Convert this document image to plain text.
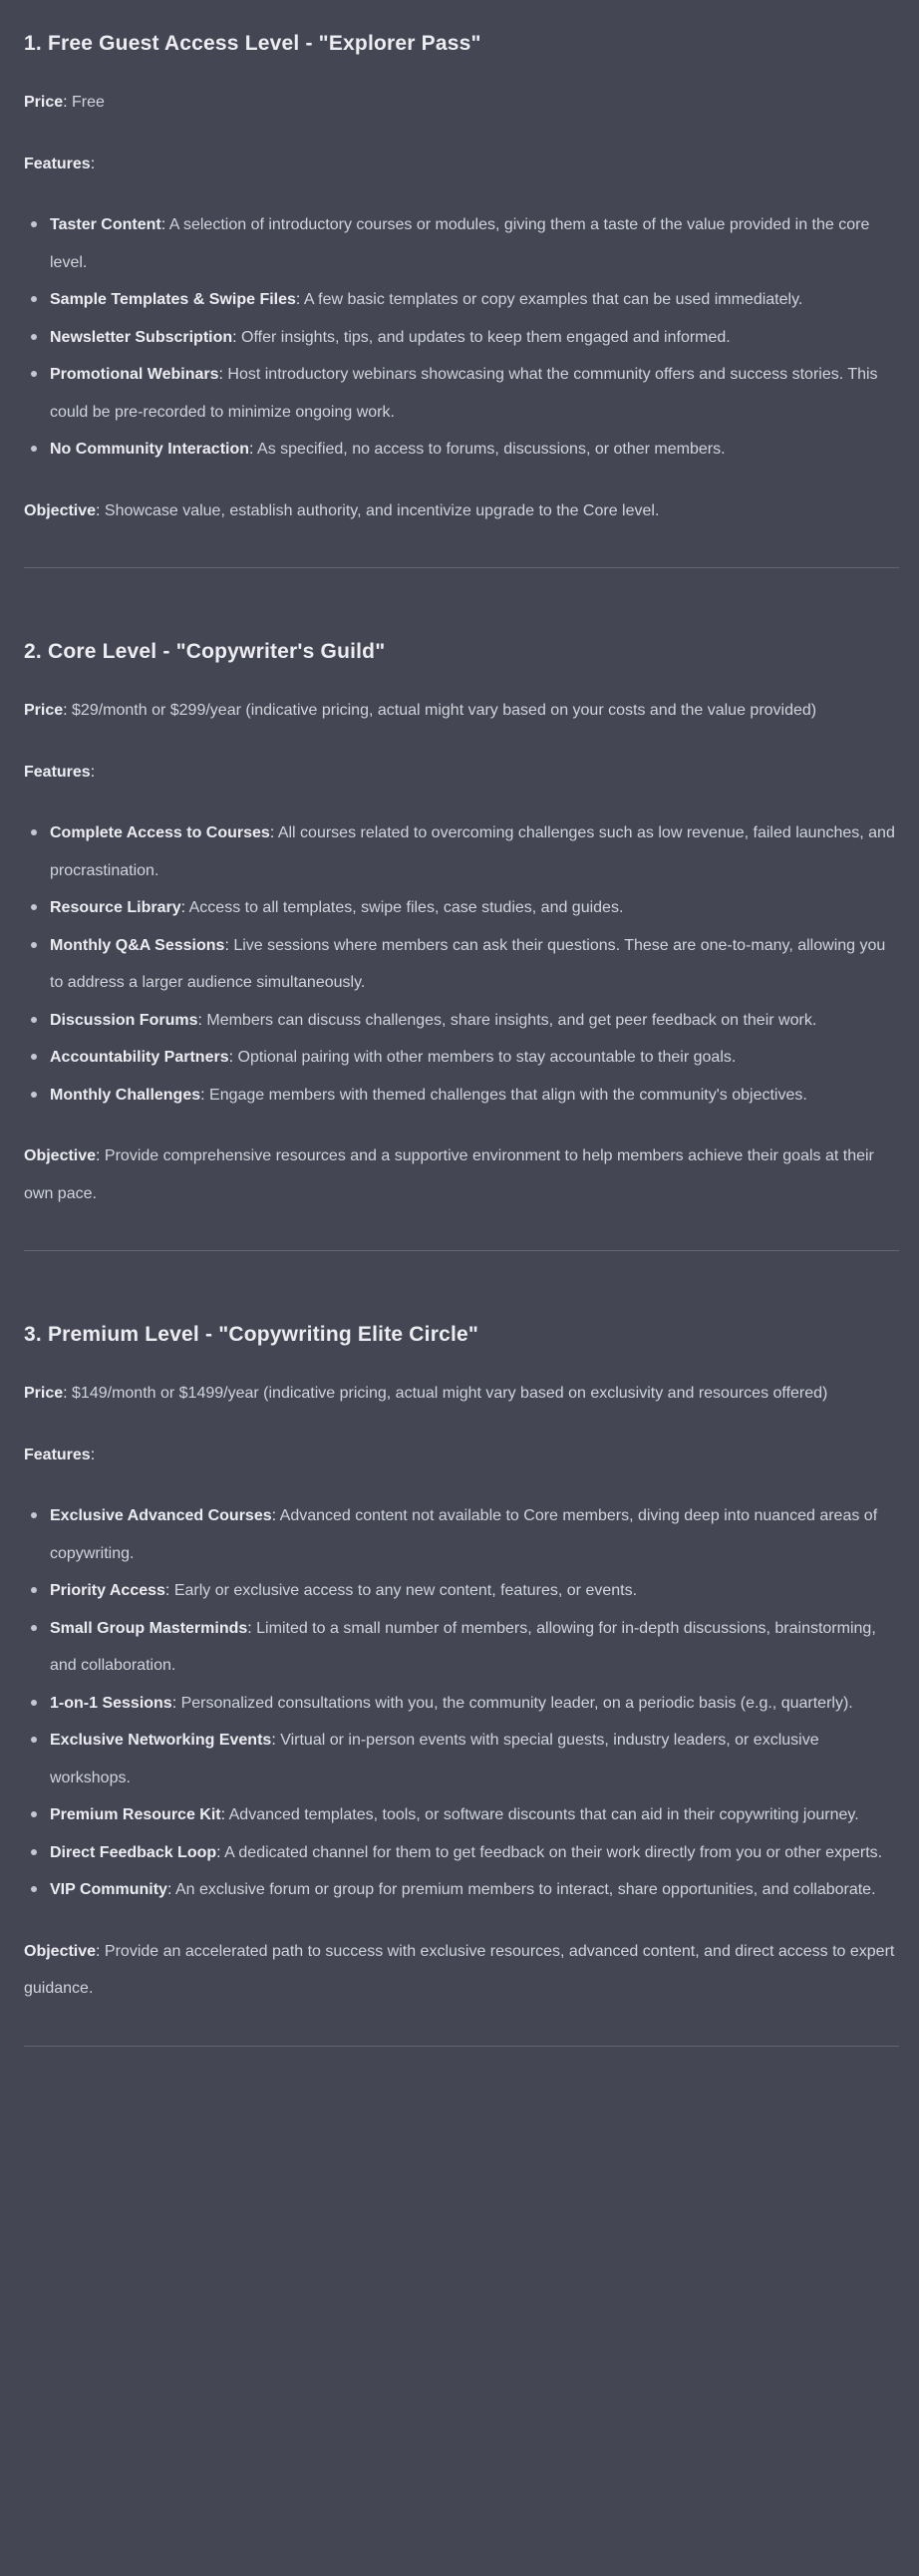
1. Free Guest Access Level - "Explorer Pass"

Price: Free

Features:

Taster Content: A selection of introductory courses or modules, giving them a taste of the value provided in the core level.
Sample Templates & Swipe Files: A few basic templates or copy examples that can be used immediately.
Newsletter Subscription: Offer insights, tips, and updates to keep them engaged and informed.
Promotional Webinars: Host introductory webinars showcasing what the community offers and success stories. This could be pre-recorded to minimize ongoing work.
No Community Interaction: As specified, no access to forums, discussions, or other members.

Objective: Showcase value, establish authority, and incentivize upgrade to the Core level.

2. Core Level - "Copywriter's Guild"

Price: $29/month or $299/year (indicative pricing, actual might vary based on your costs and the value provided)

Features:

Complete Access to Courses: All courses related to overcoming challenges such as low revenue, failed launches, and procrastination.
Resource Library: Access to all templates, swipe files, case studies, and guides.
Monthly Q&A Sessions: Live sessions where members can ask their questions. These are one-to-many, allowing you to address a larger audience simultaneously.
Discussion Forums: Members can discuss challenges, share insights, and get peer feedback on their work.
Accountability Partners: Optional pairing with other members to stay accountable to their goals.
Monthly Challenges: Engage members with themed challenges that align with the community's objectives.

Objective: Provide comprehensive resources and a supportive environment to help members achieve their goals at their own pace.

3. Premium Level - "Copywriting Elite Circle"

Price: $149/month or $1499/year (indicative pricing, actual might vary based on exclusivity and resources offered)

Features:

Exclusive Advanced Courses: Advanced content not available to Core members, diving deep into nuanced areas of copywriting.
Priority Access: Early or exclusive access to any new content, features, or events.
Small Group Masterminds: Limited to a small number of members, allowing for in-depth discussions, brainstorming, and collaboration.
1-on-1 Sessions: Personalized consultations with you, the community leader, on a periodic basis (e.g., quarterly).
Exclusive Networking Events: Virtual or in-person events with special guests, industry leaders, or exclusive workshops.
Premium Resource Kit: Advanced templates, tools, or software discounts that can aid in their copywriting journey.
Direct Feedback Loop: A dedicated channel for them to get feedback on their work directly from you or other experts.
VIP Community: An exclusive forum or group for premium members to interact, share opportunities, and collaborate.

Objective: Provide an accelerated path to success with exclusive resources, advanced content, and direct access to expert guidance.
